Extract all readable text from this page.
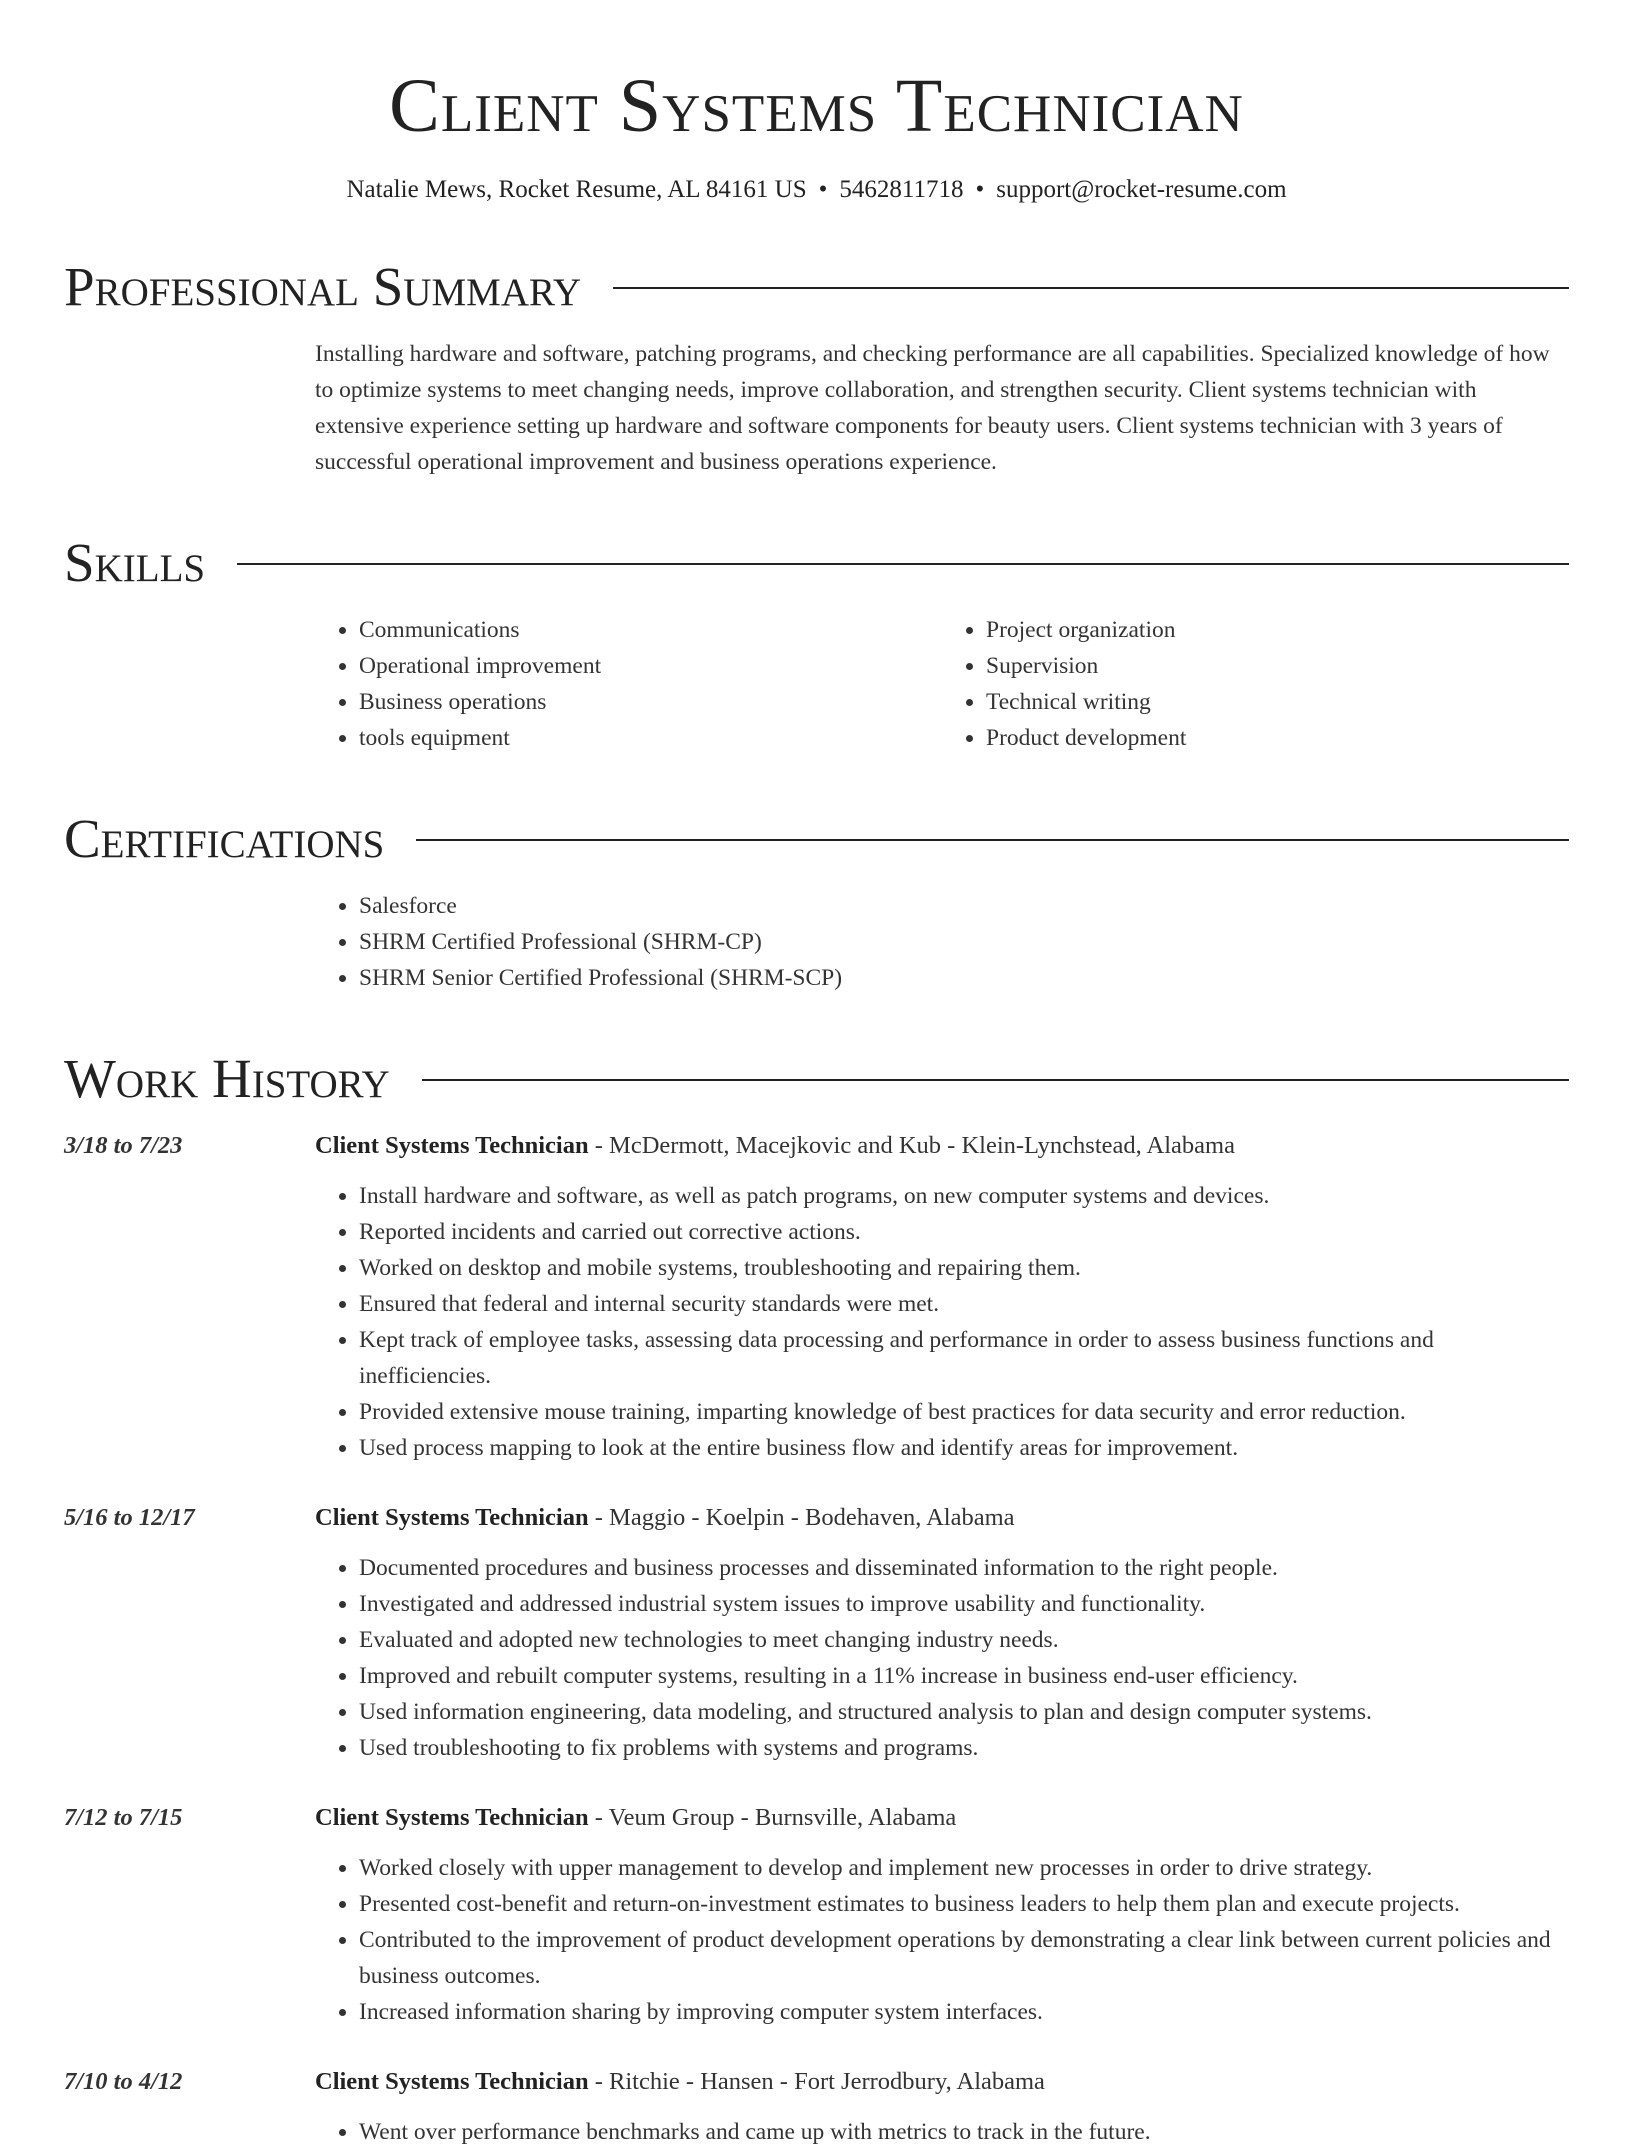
Client Systems Technician
Natalie Mews, Rocket Resume, AL 84161 US • 5462811718 • support@rocket-resume.com
Professional Summary
Installing hardware and software, patching programs, and checking performance are all capabilities. Specialized knowledge of how to optimize systems to meet changing needs, improve collaboration, and strengthen security. Client systems technician with extensive experience setting up hardware and software components for beauty users. Client systems technician with 3 years of successful operational improvement and business operations experience.
Skills
• Communications
• Operational improvement
• Business operations
• tools equipment
• Project organization
• Supervision
• Technical writing
• Product development
Certifications
• Salesforce
• SHRM Certified Professional (SHRM-CP)
• SHRM Senior Certified Professional (SHRM-SCP)
Work History
3/18 to 7/23	Client Systems Technician - McDermott, Macejkovic and Kub - Klein-Lynchstead, Alabama
• Install hardware and software, as well as patch programs, on new computer systems and devices.
• Reported incidents and carried out corrective actions.
• Worked on desktop and mobile systems, troubleshooting and repairing them.
• Ensured that federal and internal security standards were met.
• Kept track of employee tasks, assessing data processing and performance in order to assess business functions and inefficiencies.
• Provided extensive mouse training, imparting knowledge of best practices for data security and error reduction.
• Used process mapping to look at the entire business flow and identify areas for improvement.
5/16 to 12/17	Client Systems Technician - Maggio - Koelpin - Bodehaven, Alabama
• Documented procedures and business processes and disseminated information to the right people.
• Investigated and addressed industrial system issues to improve usability and functionality.
• Evaluated and adopted new technologies to meet changing industry needs.
• Improved and rebuilt computer systems, resulting in a 11% increase in business end-user efficiency.
• Used information engineering, data modeling, and structured analysis to plan and design computer systems.
• Used troubleshooting to fix problems with systems and programs.
7/12 to 7/15	Client Systems Technician - Veum Group - Burnsville, Alabama
• Worked closely with upper management to develop and implement new processes in order to drive strategy.
• Presented cost-benefit and return-on-investment estimates to business leaders to help them plan and execute projects.
• Contributed to the improvement of product development operations by demonstrating a clear link between current policies and business outcomes.
• Increased information sharing by improving computer system interfaces.
7/10 to 4/12	Client Systems Technician - Ritchie - Hansen - Fort Jerrodbury, Alabama
• Went over performance benchmarks and came up with metrics to track in the future.
